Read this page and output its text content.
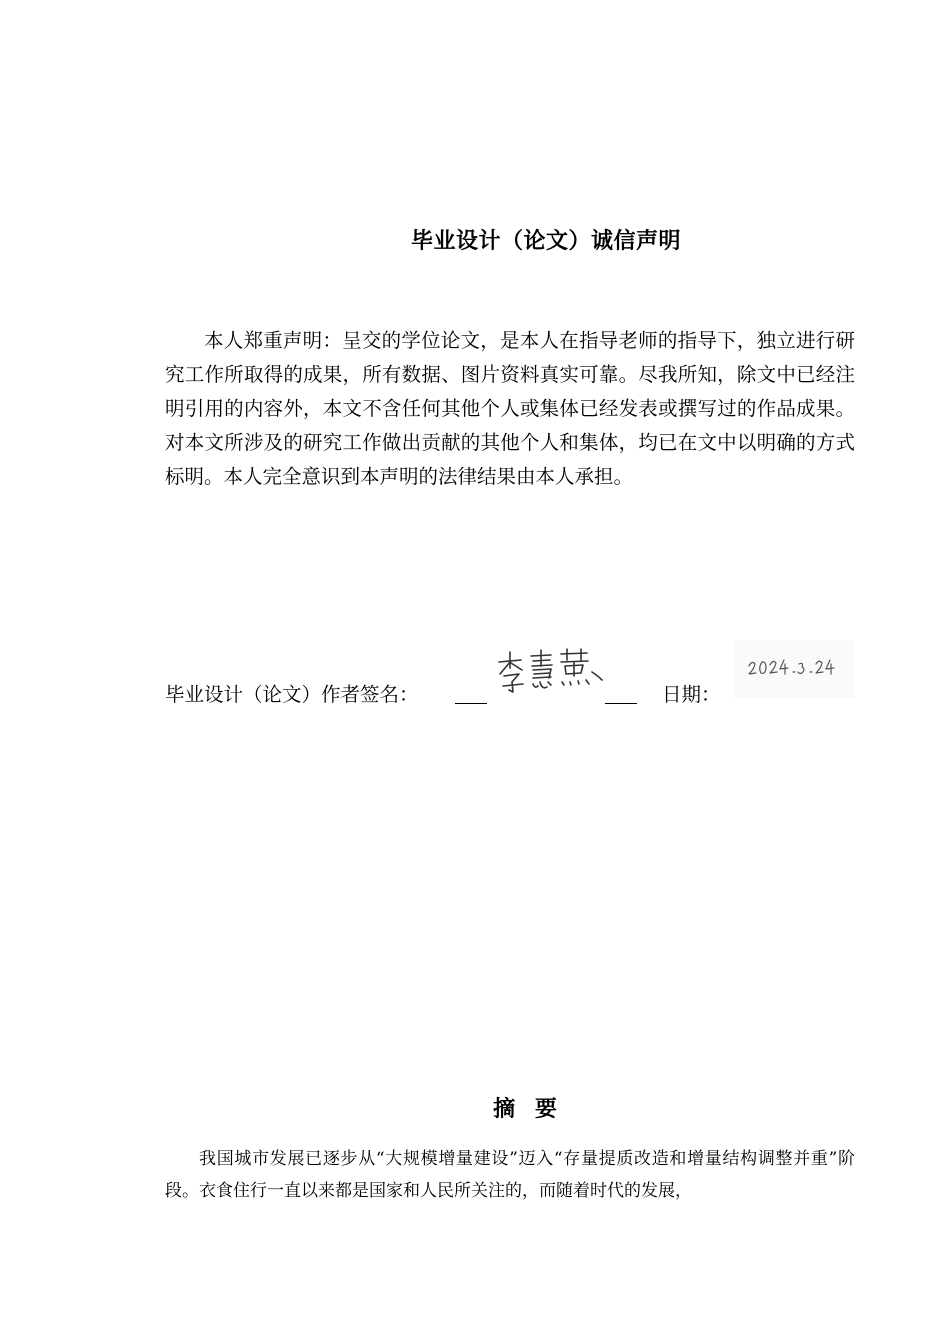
毕业设计（论文）诚信声明

本人郑重声明：呈交的学位论文，是本人在指导老师的指导下，独立进行研究工作所取得的成果，所有数据、图片资料真实可靠。尽我所知，除文中已经注明引用的内容外，本文不含任何其他个人或集体已经发表或撰写过的作品成果。对本文所涉及的研究工作做出贡献的其他个人和集体，均已在文中以明确的方式标明。本人完全意识到本声明的法律结果由本人承担。

毕业设计（论文）作者签名：	日期：
摘 要

我国城市发展已逐步从“大规模增量建设”迈入“存量提质改造和增量结构调整并重”阶段。衣食住行一直以来都是国家和人民所关注的，而随着时代的发展，
